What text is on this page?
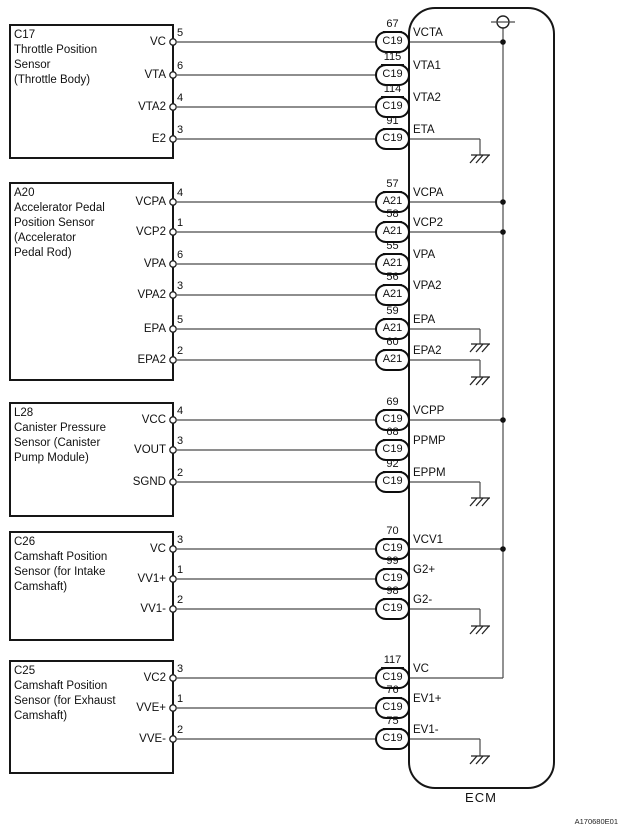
ECM
A170680E01
C17
Throttle Position
Sensor
(Throttle Body)
VC
5
67
C19
VCTA
VTA
6
115
C19
VTA1
VTA2
4
114
C19
VTA2
E2
3
91
C19
ETA
A20
Accelerator Pedal
Position Sensor
(Accelerator
Pedal Rod)
VCPA
4
57
A21
VCPA
VCP2
1
58
A21
VCP2
VPA
6
55
A21
VPA
VPA2
3
56
A21
VPA2
EPA
5
59
A21
EPA
EPA2
2
60
A21
EPA2
L28
Canister Pressure
Sensor (Canister
Pump Module)
VCC
4
69
C19
VCPP
VOUT
3
68
C19
PPMP
SGND
2
92
C19
EPPM
C26
Camshaft Position
Sensor (for Intake
Camshaft)
VC
3
70
C19
VCV1
VV1+
1
99
C19
G2+
VV1-
2
98
C19
G2-
C25
Camshaft Position
Sensor (for Exhaust
Camshaft)
VC2
3
117
C19
VC
VVE+
1
76
C19
EV1+
VVE-
2
75
C19
EV1-
